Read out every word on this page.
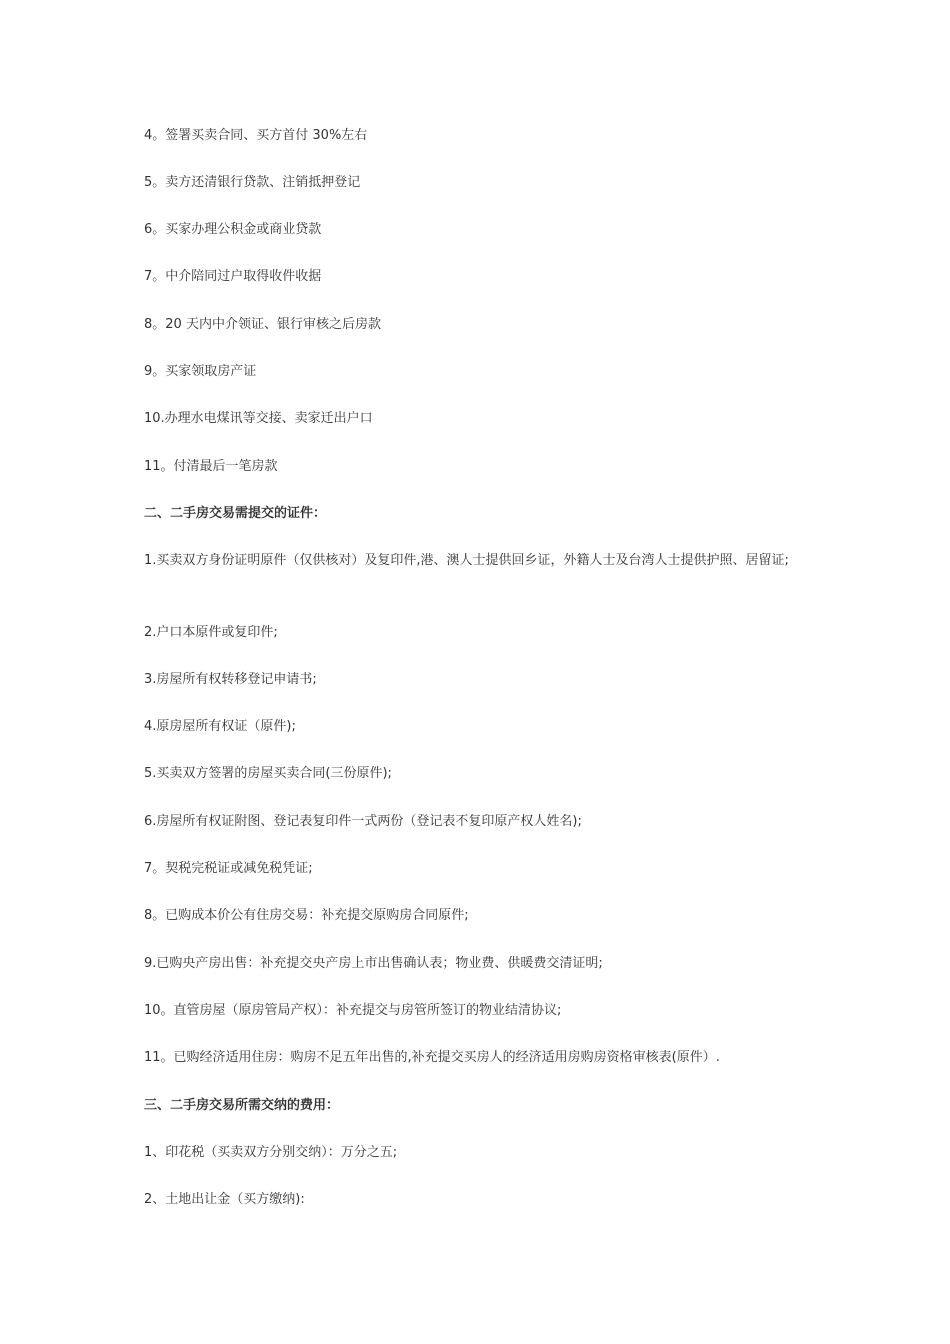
4。签署买卖合同、买方首付 30%左右
5。卖方还清银行贷款、注销抵押登记
6。买家办理公积金或商业贷款
7。中介陪同过户取得收件收据
8。20 天内中介领证、银行审核之后房款
9。买家领取房产证
10.办理水电煤讯等交接、卖家迁出户口
11。付清最后一笔房款
二、二手房交易需提交的证件：
1.买卖双方身份证明原件（仅供核对）及复印件,港、澳人士提供回乡证，外籍人士及台湾人士提供护照、居留证;
2.户口本原件或复印件;
3.房屋所有权转移登记申请书;
4.原房屋所有权证（原件);
5.买卖双方签署的房屋买卖合同(三份原件);
6.房屋所有权证附图、登记表复印件一式两份（登记表不复印原产权人姓名);
7。契税完税证或减免税凭证;
8。已购成本价公有住房交易：补充提交原购房合同原件;
9.已购央产房出售：补充提交央产房上市出售确认表；物业费、供暖费交清证明;
10。直管房屋（原房管局产权）：补充提交与房管所签订的物业结清协议;
11。已购经济适用住房：购房不足五年出售的,补充提交买房人的经济适用房购房资格审核表(原件）.
三、二手房交易所需交纳的费用：
1、印花税（买卖双方分别交纳）：万分之五;
2、土地出让金（买方缴纳):
